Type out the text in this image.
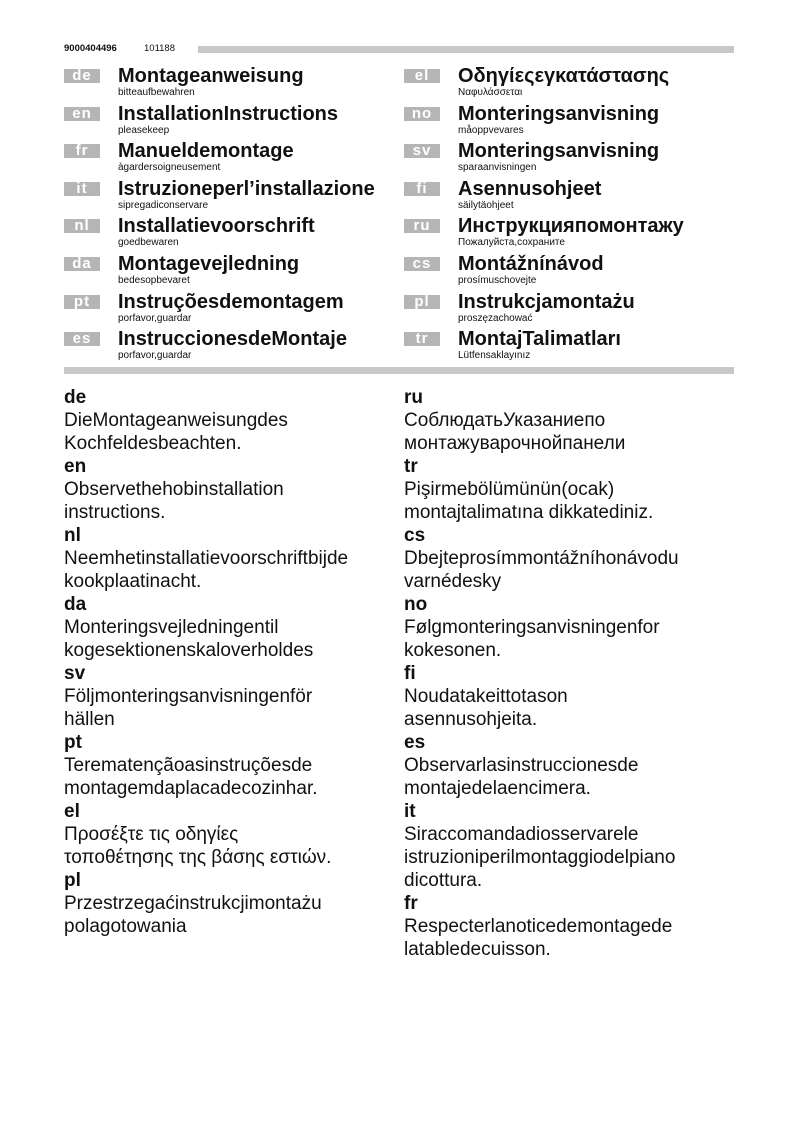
9000404496	101188
de	Montageanweisung
bitteaufbewahren
en	InstallationInstructions
pleasekeep
fr	Manueldemontage
àgardersoigneusement
it	Istruzioneperl’installazione
sipregadiconservare
nl	Installatievoorschrift
goedbewaren
da	Montagevejledning
bedesopbevaret
pt	Instruçõesdemontagem
porfavor,guardar
es	InstruccionesdeMontaje
porfavor,guardar
el	Οδηγίεςεγκατάστασης
Ναφυλάσσεται
no	Monteringsanvisning
måoppvevares
sv	Monteringsanvisning
sparaanvisningen
fi	Asennusohjeet
säilytäohjeet
ru	Инструкцияпомонтажу
Пожалуйста,сохраните
cs	Montážnínávod
prosímuschovejte
pl	Instrukcjamontażu
proszęzachować
tr	MontajTalimatları
Lütfensaklayınız
de
DieMontageanweisungdes
Kochfeldesbeachten.
en
Observethehobinstallation
instructions.
nl
Neemhetinstallatievoorschriftbijde
kookplaatinacht.
da
Monteringsvejledningentil
kogesektionenskaloverholdes
sv
Följmonteringsanvisningenför
hällen
pt
Terematençãoasinstruçõesde
montagemdaplacadecozinhar.
el
Προσέξτε τις οδηγίες
τοποθέτησης της βάσης εστιών.
pl
Przestrzegaćinstrukcjimontażu
polagotowania
ru
СоблюдатьУказаниепо
монтажуварочнойпанели
tr
Pişirmebölümünün(ocak)
montajtalimatına dikkatediniz.
cs
Dbejteprosímmontážníhonávodu
varnédesky
no
Følgmonteringsanvisningenfor
kokesonen.
fi
Noudatakeittotason
asennusohjeita.
es
Observarlasinstruccionesde
montajedelaencimera.
it
Siraccomandadiosservarele
istruzioniperilmontaggiodelpiano
dicottura.
fr
Respecterlanoticedemontagede
latabledecuisson.
